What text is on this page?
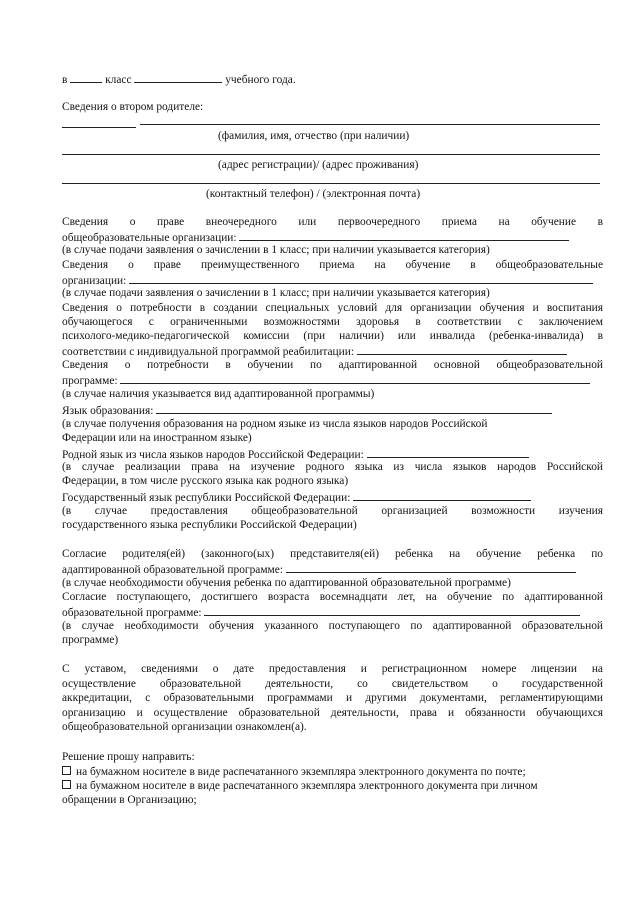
в	класс	учебного года.
Сведения о втором родителе:
(фамилия, имя, отчество (при наличии)
(адрес регистрации)/ (адрес проживания)
(контактный телефон) / (электронная почта)
Сведения о праве внеочередного или первоочередного приема на обучение в
общеобразовательные организации:
(в случае подачи заявления о зачислении в 1 класс; при наличии указывается категория)
Сведения о праве преимущественного приема на обучение в общеобразовательные
организации:
(в случае подачи заявления о зачислении в 1 класс; при наличии указывается категория)
Сведения о потребности в создании специальных условий для организации обучения и воспитания
обучающегося с ограниченными возможностями здоровья в соответствии с заключением
психолого-медико-педагогической комиссии (при наличии) или инвалида (ребенка-инвалида) в
соответствии с индивидуальной программой реабилитации:
Сведения о потребности в обучении по адаптированной основной общеобразовательной
программе:
(в случае наличия указывается вид адаптированной программы)
Язык образования:
(в случае получения образования на родном языке из числа языков народов Российской
Федерации или на иностранном языке)
Родной язык из числа языков народов Российской Федерации:
(в случае реализации права на изучение родного языка из числа языков народов Российской
Федерации, в том числе русского языка как родного языка)
Государственный язык республики Российской Федерации:
(в случае предоставления общеобразовательной организацией возможности изучения
государственного языка республики Российской Федерации)
Согласие родителя(ей) (законного(ых) представителя(ей) ребенка на обучение ребенка по
адаптированной образовательной программе:
(в случае необходимости обучения ребенка по адаптированной образовательной программе)
Согласие поступающего, достигшего возраста восемнадцати лет, на обучение по адаптированной
образовательной программе:
(в случае необходимости обучения указанного поступающего по адаптированной образовательной
программе)
С уставом, сведениями о дате предоставления и регистрационном номере лицензии на
осуществление образовательной деятельности, со свидетельством о государственной
аккредитации, с образовательными программами и другими документами, регламентирующими
организацию и осуществление образовательной деятельности, права и обязанности обучающихся
общеобразовательной организации ознакомлен(а).
Решение прошу направить:
на бумажном носителе в виде распечатанного экземпляра электронного документа по почте;
на бумажном носителе в виде распечатанного экземпляра электронного документа при личном
обращении в Организацию;
